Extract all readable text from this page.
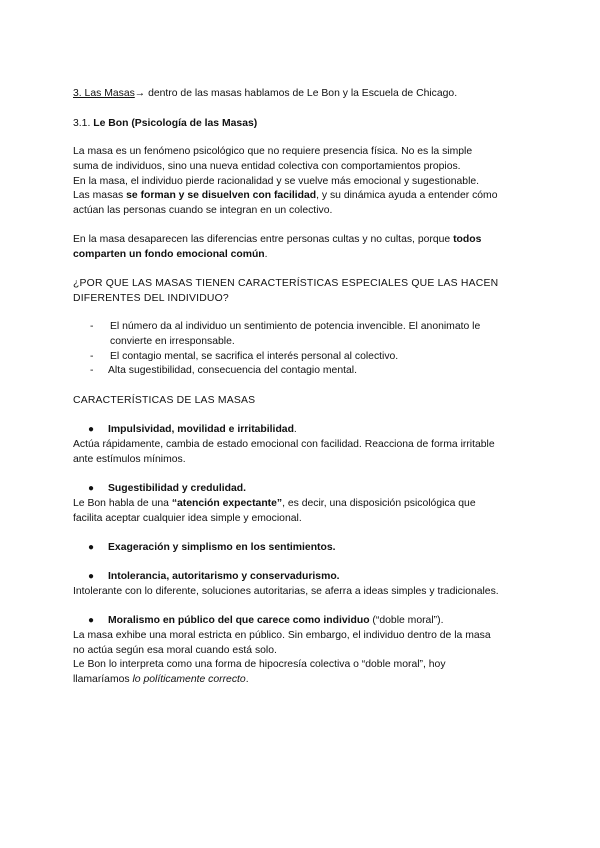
3. Las Masas→ dentro de las masas hablamos de Le Bon y la Escuela de Chicago.

3.1. Le Bon (Psicología de las Masas)

La masa es un fenómeno psicológico que no requiere presencia física. No es la simple

suma de individuos, sino una nueva entidad colectiva con comportamientos propios.

En la masa, el individuo pierde racionalidad y se vuelve más emocional y sugestionable.

Las masas se forman y se disuelven con facilidad, y su dinámica ayuda a entender cómo

actúan las personas cuando se integran en un colectivo.

En la masa desaparecen las diferencias entre personas cultas y no cultas, porque todos

comparten un fondo emocional común.

¿POR QUE LAS MASAS TIENEN CARACTERÍSTICAS ESPECIALES QUE LAS HACEN

DIFERENTES DEL INDIVIDUO?

- El número da al individuo un sentimiento de potencia invencible. El anonimato le

convierte en irresponsable.

- El contagio mental, se sacrifica el interés personal al colectivo.

- Alta sugestibilidad, consecuencia del contagio mental.

CARACTERÍSTICAS DE LAS MASAS

● Impulsividad, movilidad e irritabilidad.

Actúa rápidamente, cambia de estado emocional con facilidad. Reacciona de forma irritable

ante estímulos mínimos.

● Sugestibilidad y credulidad.

Le Bon habla de una “atención expectante”, es decir, una disposición psicológica que

facilita aceptar cualquier idea simple y emocional.

● Exageración y simplismo en los sentimientos.

● Intolerancia, autoritarismo y conservadurismo.

Intolerante con lo diferente, soluciones autoritarias, se aferra a ideas simples y tradicionales.

● Moralismo en público del que carece como individuo (“doble moral”).

La masa exhibe una moral estricta en público. Sin embargo, el individuo dentro de la masa

no actúa según esa moral cuando está solo.

Le Bon lo interpreta como una forma de hipocresía colectiva o “doble moral”, hoy

llamaríamos lo políticamente correcto.
